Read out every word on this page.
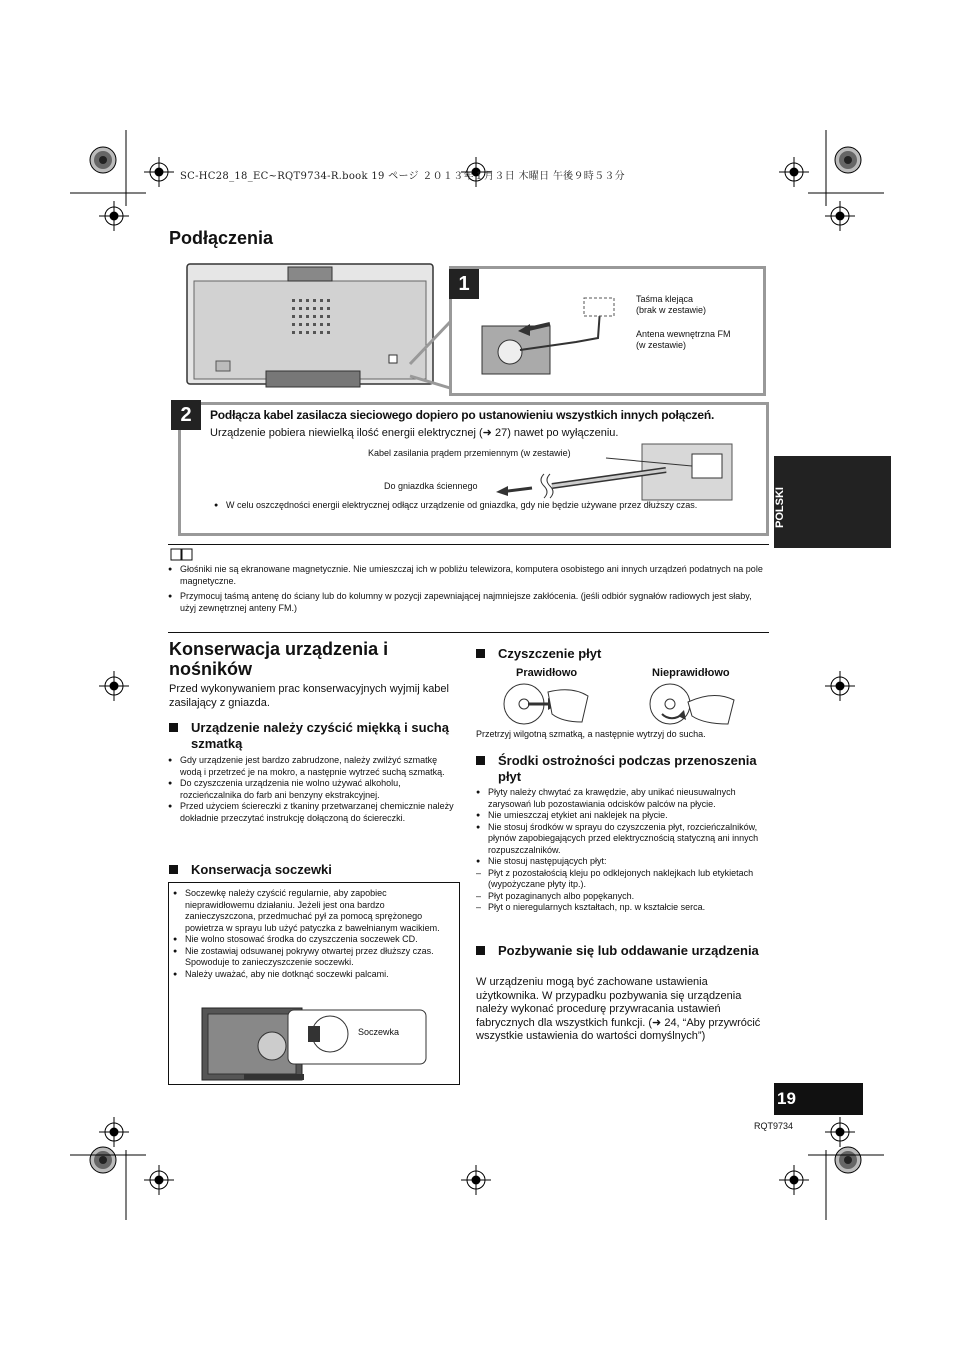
SC-HC28_18_EC~RQT9734-R.book 19 ページ ２０１３年１月３日 木曜日 午後９時５３分
POLSKI
Podłączenia
1
Taśma klejąca
(brak w zestawie)
Antena wewnętrzna FM
(w zestawie)
2	Podłącza kabel zasilacza sieciowego dopiero po ustanowieniu wszystkich innych połączeń.
Urządzenie pobiera niewielką ilość energii elektrycznej (➜ 27) nawet po wyłączeniu.
Kabel zasilania prądem przemiennym (w zestawie)
Do gniazdka ściennego
● W celu oszczędności energii elektrycznej odłącz urządzenie od gniazdka, gdy nie będzie używane przez dłuższy czas.
● Głośniki nie są ekranowane magnetycznie. Nie umieszczaj ich w pobliżu telewizora, komputera osobistego ani innych urządzeń podatnych na pole magnetyczne.
● Przymocuj taśmą antenę do ściany lub do kolumny w pozycji zapewniającej najmniejsze zakłócenia. (jeśli odbiór sygnałów radiowych jest słaby, użyj zewnętrznej anteny FM.)
Konserwacja urządzenia i nośników
Przed wykonywaniem prac konserwacyjnych wyjmij kabel zasilający z gniazda.
Urządzenie należy czyścić miękką i suchą szmatką
● Gdy urządzenie jest bardzo zabrudzone, należy zwilżyć szmatkę wodą i przetrzeć je na mokro, a następnie wytrzeć suchą szmatką.
● Do czyszczenia urządzenia nie wolno używać alkoholu, rozcieńczalnika do farb ani benzyny ekstrakcyjnej.
● Przed użyciem ściereczki z tkaniny przetwarzanej chemicznie należy dokładnie przeczytać instrukcję dołączoną do ściereczki.
Konserwacja soczewki
● Soczewkę należy czyścić regularnie, aby zapobiec nieprawidłowemu działaniu. Jeżeli jest ona bardzo zanieczyszczona, przedmuchać pył za pomocą sprężonego powietrza w sprayu lub użyć patyczka z bawełnianym wacikiem.
● Nie wolno stosować środka do czyszczenia soczewek CD.
● Nie zostawiaj odsuwanej pokrywy otwartej przez dłuższy czas. Spowoduje to zanieczyszczenie soczewki.
● Należy uważać, aby nie dotknąć soczewki palcami.
Soczewka
Czyszczenie płyt
Prawidłowo	Nieprawidłowo
Przetrzyj wilgotną szmatką, a następnie wytrzyj do sucha.
Środki ostrożności podczas przenoszenia płyt
● Płyty należy chwytać za krawędzie, aby unikać nieusuwalnych zarysowań lub pozostawiania odcisków palców na płycie.
● Nie umieszczaj etykiet ani naklejek na płycie.
● Nie stosuj środków w sprayu do czyszczenia płyt, rozcieńczalników, płynów zapobiegających przed elektrycznością statyczną ani innych rozpuszczalników.
● Nie stosuj następujących płyt:
– Płyt z pozostałością kleju po odklejonych naklejkach lub etykietach (wypożyczane płyty itp.).
– Płyt pozaginanych albo popękanych.
– Płyt o nieregularnych kształtach, np. w kształcie serca.
Pozbywanie się lub oddawanie urządzenia
W urządzeniu mogą być zachowane ustawienia użytkownika. W przypadku pozbywania się urządzenia należy wykonać procedurę przywracania ustawień fabrycznych dla wszystkich funkcji. (➜ 24, “Aby przywrócić wszystkie ustawienia do wartości domyślnych”)
19
RQT9734
